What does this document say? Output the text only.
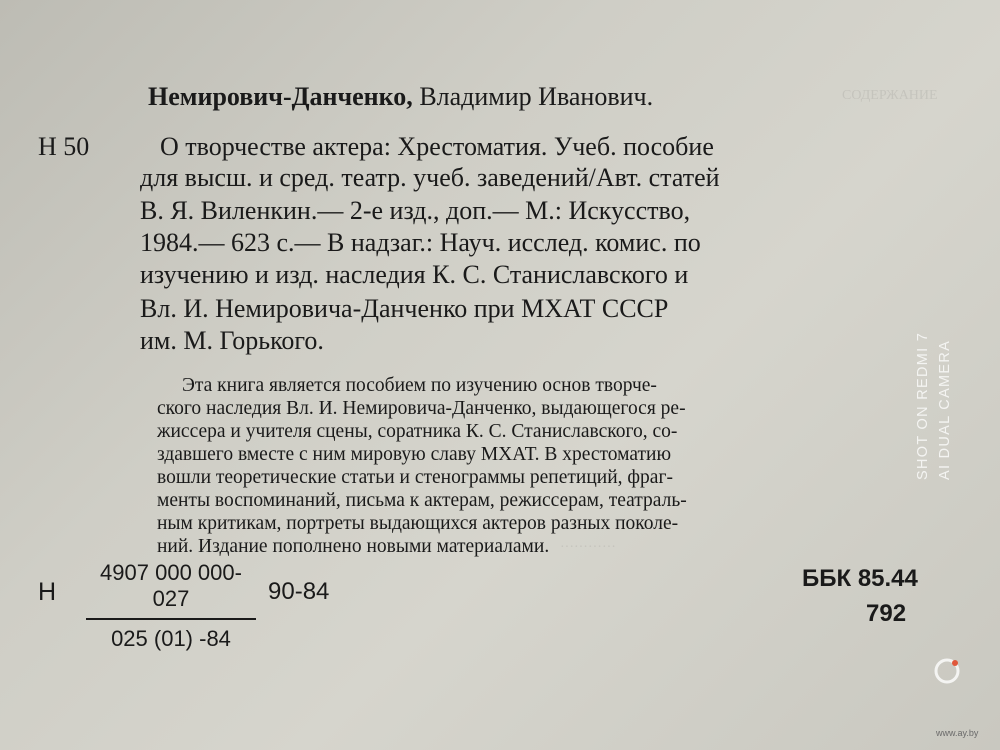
СОДЕРЖАНИЕ
············
Немирович-Данченко, Владимир Иванович.
Н 50	О творчестве актера: Хрестоматия. Учеб. пособие
для высш. и сред. театр. учеб. заведений/Авт. статей
В. Я. Виленкин.— 2-е изд., доп.— М.: Искусство,
1984.— 623 с.— В надзаг.: Науч. исслед. комис. по
изучению и изд. наследия К. С. Станиславского и
Вл. И. Немировича-Данченко при МХАТ СССР
им. М. Горького.
Эта книга является пособием по изучению основ творче-
ского наследия Вл. И. Немировича-Данченко, выдающегося ре-
жиссера и учителя сцены, соратника К. С. Станиславского, со-
здавшего вместе с ним мировую славу МХАТ. В хрестоматию
вошли теоретические статьи и стенограммы репетиций, фраг-
менты воспоминаний, письма к актерам, режиссерам, театраль-
ным критикам, портреты выдающихся актеров разных поколе-
ний. Издание пополнено новыми материалами.
Н $\frac{4907 000 000-027}{025 (01) -84} 90-84$	ББК 85.44
792
SHOT ON REDMI 7 AI DUAL CAMERA
www.ay.by
